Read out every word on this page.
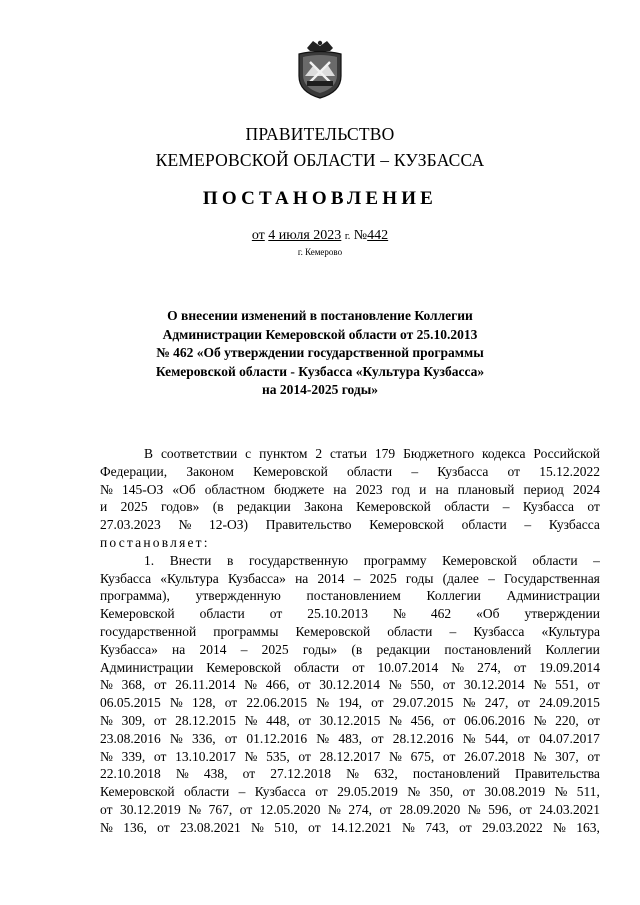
ПРАВИТЕЛЬСТВО
КЕМЕРОВСКОЙ ОБЛАСТИ – КУЗБАССА
ПОСТАНОВЛЕНИЕ
от 4 июля 2023 г. №442
г. Кемерово
О внесении изменений в постановление Коллегии
Администрации Кемеровской области от 25.10.2013
№ 462 «Об утверждении государственной программы
Кемеровской области - Кузбасса «Культура Кузбасса»
на 2014-2025 годы»
В соответствии с пунктом 2 статьи 179 Бюджетного кодекса Российской
Федерации, Законом Кемеровской области – Кузбасса от 15.12.2022
№ 145-ОЗ «Об областном бюджете на 2023 год и на плановый период 2024
и 2025 годов» (в редакции Закона Кемеровской области – Кузбасса от
27.03.2023 № 12-ОЗ) Правительство Кемеровской области – Кузбасса
постановляет:
1. Внести в государственную программу Кемеровской области –
Кузбасса «Культура Кузбасса» на 2014 – 2025 годы (далее – Государственная
программа), утвержденную постановлением Коллегии Администрации
Кемеровской области от 25.10.2013 № 462 «Об утверждении
государственной программы Кемеровской области – Кузбасса «Культура
Кузбасса» на 2014 – 2025 годы» (в редакции постановлений Коллегии
Администрации Кемеровской области от 10.07.2014 № 274, от 19.09.2014
№ 368, от 26.11.2014 № 466, от 30.12.2014 № 550, от 30.12.2014 № 551, от
06.05.2015 № 128, от 22.06.2015 № 194, от 29.07.2015 № 247, от 24.09.2015
№ 309, от 28.12.2015 № 448, от 30.12.2015 № 456, от 06.06.2016 № 220, от
23.08.2016 № 336, от 01.12.2016 № 483, от 28.12.2016 № 544, от 04.07.2017
№ 339, от 13.10.2017 № 535, от 28.12.2017 № 675, от 26.07.2018 № 307, от
22.10.2018 № 438, от 27.12.2018 № 632, постановлений Правительства
Кемеровской области – Кузбасса от 29.05.2019 № 350, от 30.08.2019 № 511,
от 30.12.2019 № 767, от 12.05.2020 № 274, от 28.09.2020 № 596, от 24.03.2021
№ 136, от 23.08.2021 № 510, от 14.12.2021 № 743, от 29.03.2022 № 163,
